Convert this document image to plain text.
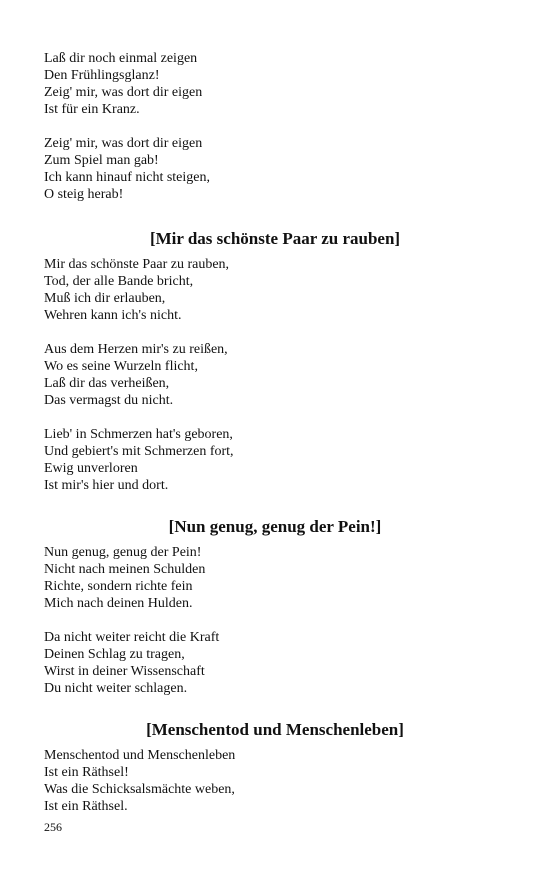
Laß dir noch einmal zeigen
Den Frühlingsglanz!
Zeig' mir, was dort dir eigen
Ist für ein Kranz.
Zeig' mir, was dort dir eigen
Zum Spiel man gab!
Ich kann hinauf nicht steigen,
O steig herab!
[Mir das schönste Paar zu rauben]
Mir das schönste Paar zu rauben,
Tod, der alle Bande bricht,
Muß ich dir erlauben,
Wehren kann ich's nicht.
Aus dem Herzen mir's zu reißen,
Wo es seine Wurzeln flicht,
Laß dir das verheißen,
Das vermagst du nicht.
Lieb' in Schmerzen hat's geboren,
Und gebiert's mit Schmerzen fort,
Ewig unverloren
Ist mir's hier und dort.
[Nun genug, genug der Pein!]
Nun genug, genug der Pein!
Nicht nach meinen Schulden
Richte, sondern richte fein
Mich nach deinen Hulden.
Da nicht weiter reicht die Kraft
Deinen Schlag zu tragen,
Wirst in deiner Wissenschaft
Du nicht weiter schlagen.
[Menschentod und Menschenleben]
Menschentod und Menschenleben
Ist ein Räthsel!
Was die Schicksalsmächte weben,
Ist ein Räthsel.
256
